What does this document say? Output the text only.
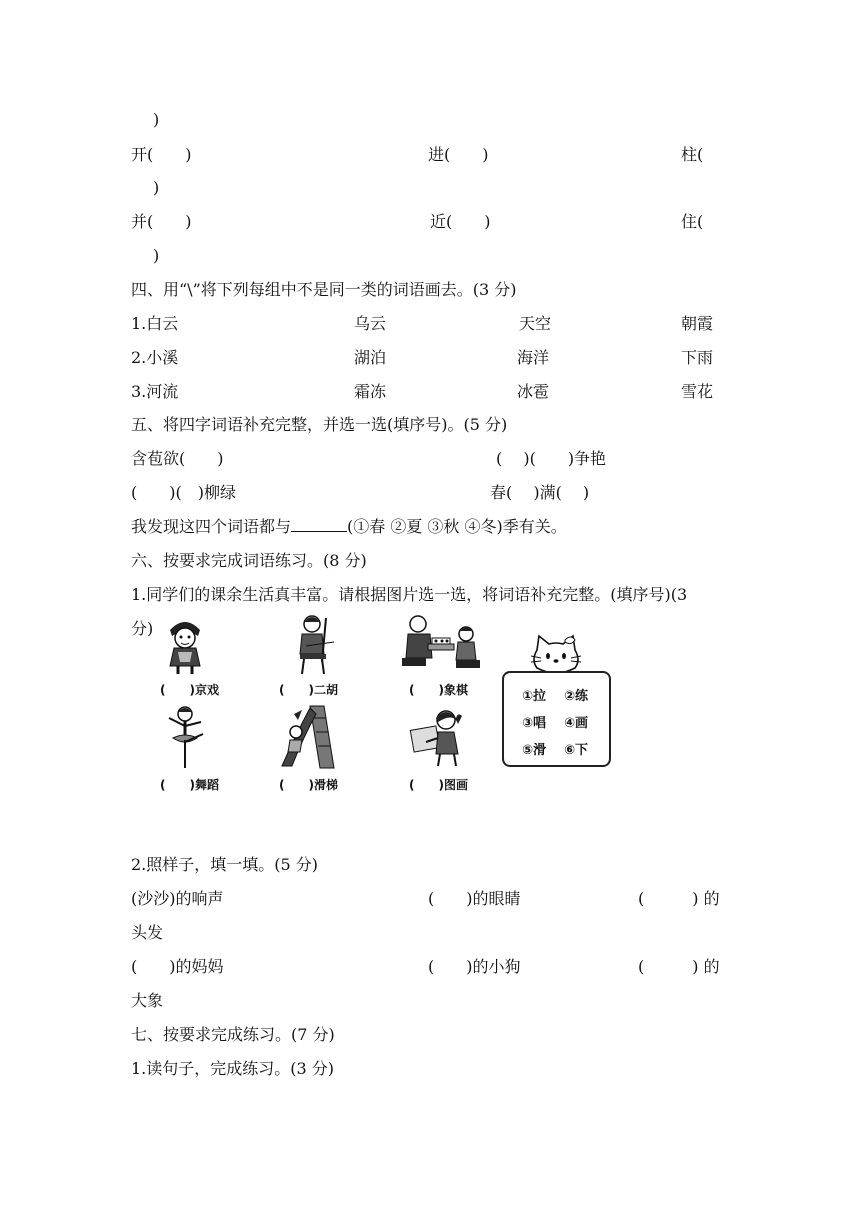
)
开(　　)	进(　　)	柱(
)
并(　　)	近(　　)	住(
)
四、用“\”将下列每组中不是同一类的词语画去。(3 分)
1.白云	乌云	天空	朝霞
2.小溪	湖泊	海洋	下雨
3.河流	霜冻	冰雹	雪花
五、将四字词语补充完整，并选一选(填序号)。(5 分)
含苞欲(　　)	(　 )(　　)争艳
(　　)(　)柳绿	春(　 )满(　 )
我发现这四个词语都与	(①春 ②夏 ③秋 ④冬)季有关。
六、按要求完成词语练习。(8 分)
1.同学们的课余生活真丰富。请根据图片选一选，将词语补充完整。(填序号)(3
分)
(　　)京戏	(　　)二胡	(　　)象棋
(　　)舞蹈	(　　)滑梯	(　　)图画
①拉 ②练
③唱 ④画
⑤滑 ⑥下
2.照样子，填一填。(5 分)
(沙沙)的响声	(　　)的眼睛	(　　　) 的
头发
(　　)的妈妈	(　　)的小狗	(　　　) 的
大象
七、按要求完成练习。(7 分)
1.读句子，完成练习。(3 分)
